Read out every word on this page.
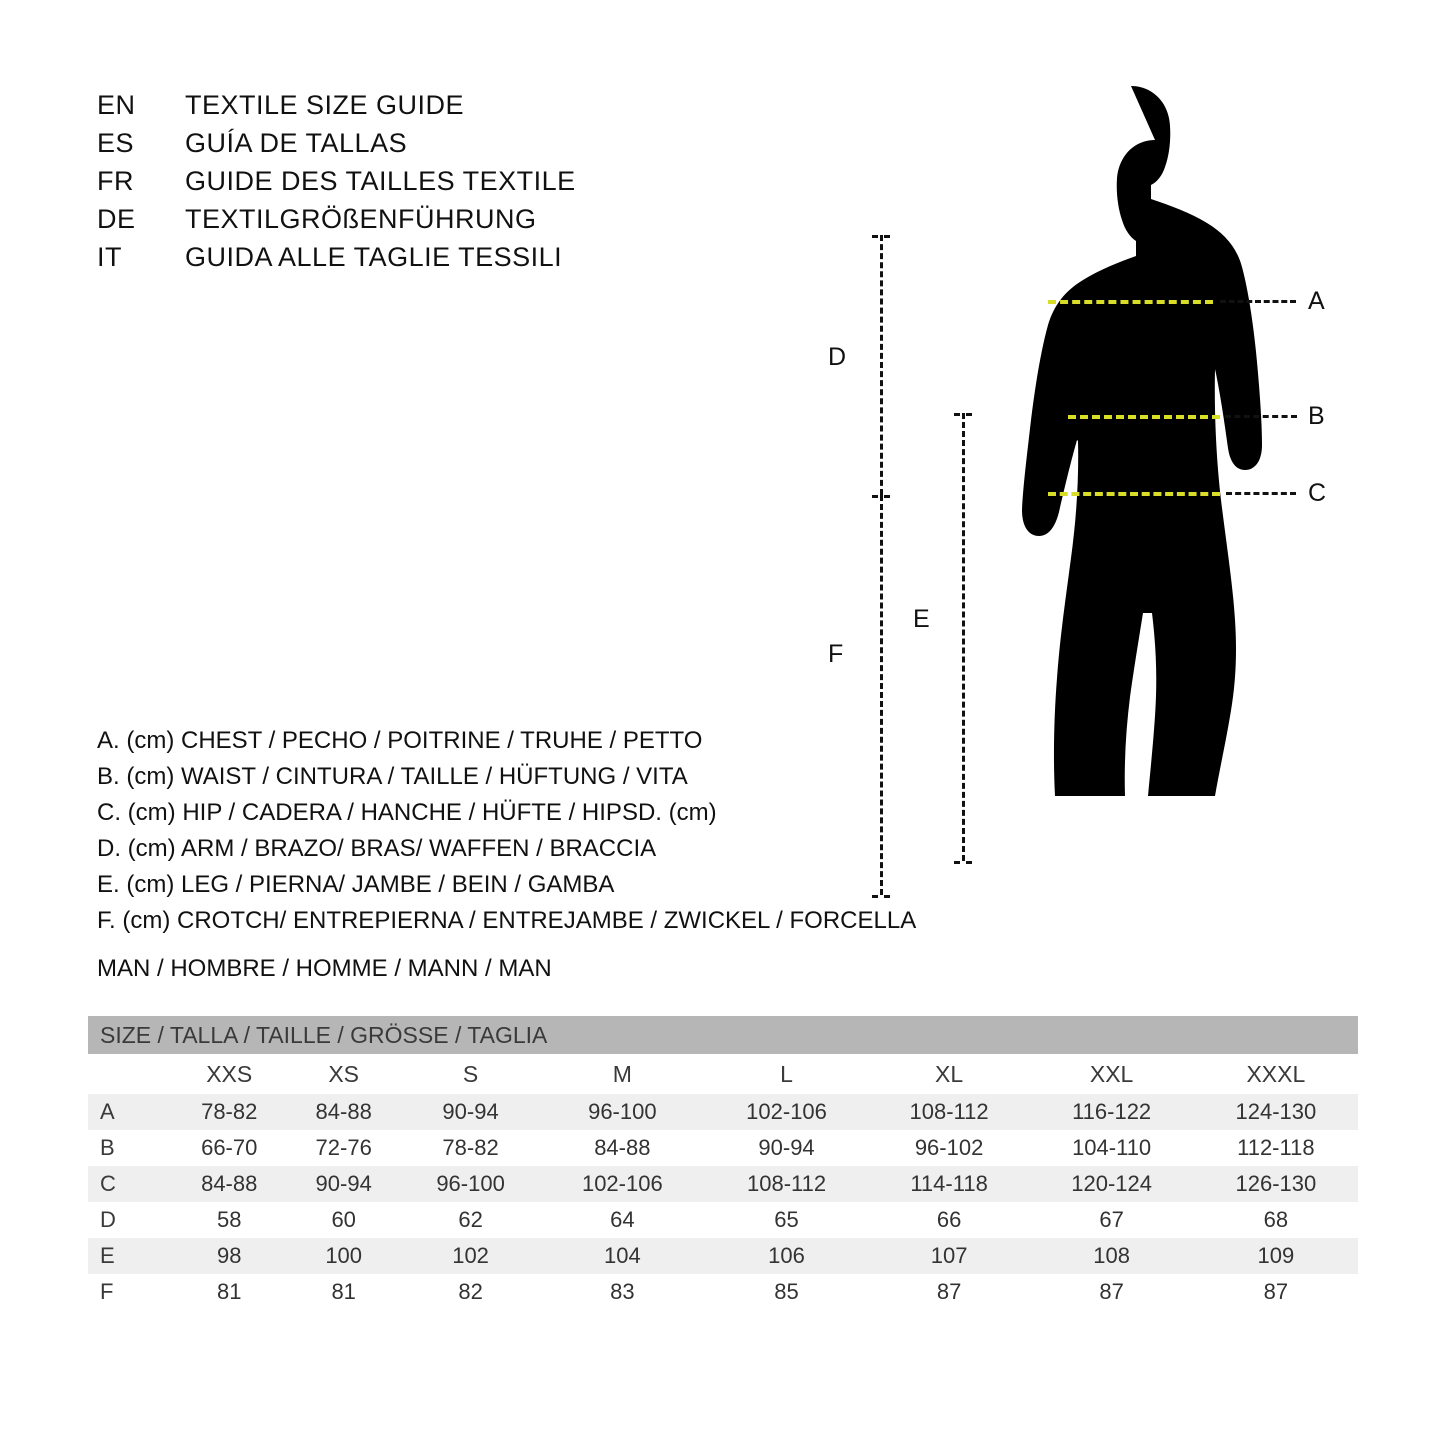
EN	TEXTILE SIZE GUIDE
ES	GUÍA DE TALLAS
FR	GUIDE DES TAILLES TEXTILE
DE	TEXTILGRÖßENFÜHRUNG
IT	GUIDA ALLE TAGLIE TESSILI
A. (cm) CHEST / PECHO / POITRINE / TRUHE / PETTO
B. (cm) WAIST / CINTURA / TAILLE / HÜFTUNG / VITA
C. (cm) HIP / CADERA / HANCHE / HÜFTE / HIPSD. (cm)
D. (cm) ARM / BRAZO/ BRAS/ WAFFEN / BRACCIA
E. (cm) LEG / PIERNA/ JAMBE / BEIN / GAMBA
F. (cm) CROTCH/ ENTREPIERNA / ENTREJAMBE / ZWICKEL / FORCELLA
MAN / HOMBRE / HOMME / MANN / MAN
D
F
E
A
B
C
SIZE / TALLA / TAILLE / GRÖSSE / TAGLIA								
	XXS	XS	S	M	L	XL	XXL	XXXL
A	78-82	84-88	90-94	96-100	102-106	108-112	116-122	124-130
B	66-70	72-76	78-82	84-88	90-94	96-102	104-110	112-118
C	84-88	90-94	96-100	102-106	108-112	114-118	120-124	126-130
D	58	60	62	64	65	66	67	68
E	98	100	102	104	106	107	108	109
F	81	81	82	83	85	87	87	87
